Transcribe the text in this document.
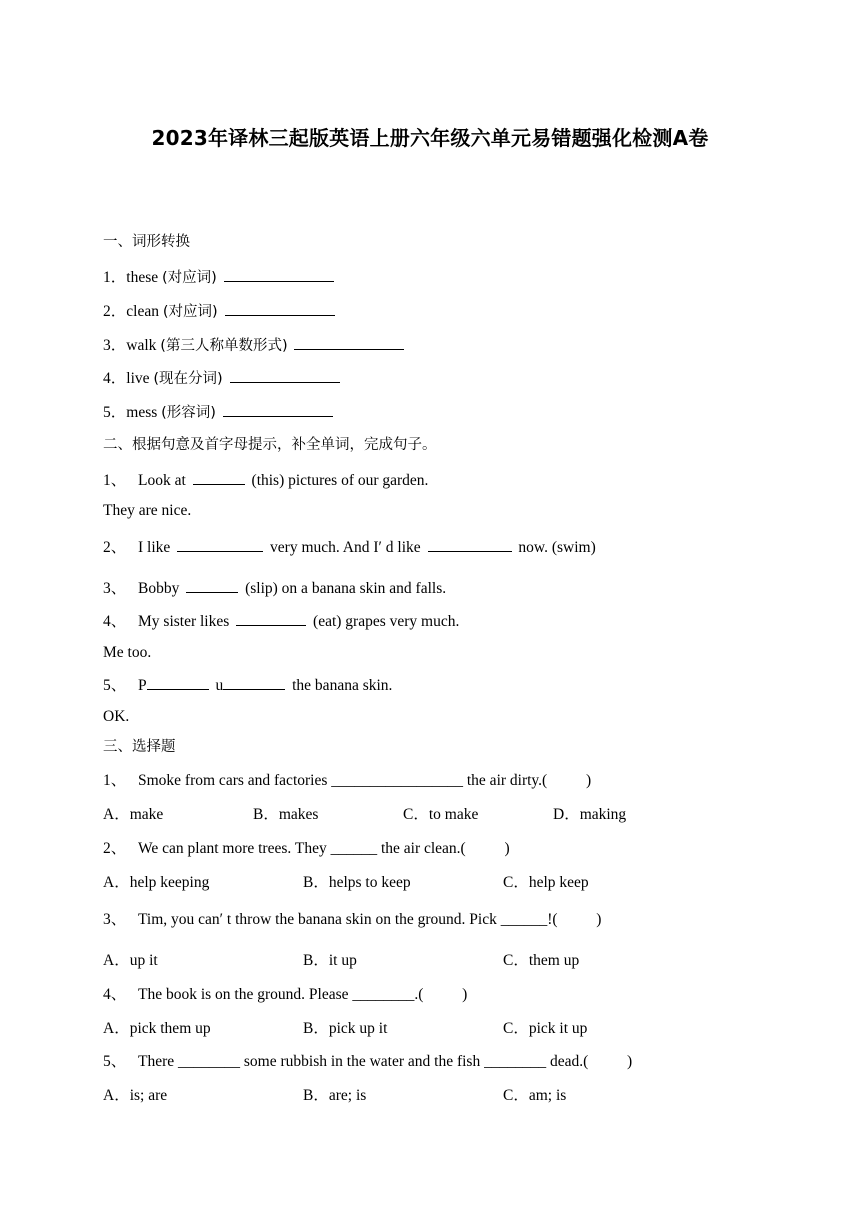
2023年译林三起版英语上册六年级六单元易错题强化检测A卷
一、词形转换
1．these (对应词)
2．clean (对应词)
3．walk (第三人称单数形式)
4．live (现在分词)
5．mess (形容词)
二、根据句意及首字母提示，补全单词，完成句子。
1、 Look at	(this) pictures of our garden.
They are nice.
2、 I like	very much. And I′ d like	now. (swim)
3、 Bobby	(slip) on a banana skin and falls.
4、 My sister likes	(eat) grapes very much.
Me too.
5、 P	u	the banana skin.
OK.
三、选择题
1、 Smoke from cars and factories _________________ the air dirty.(          )
A．make	B．makes	C．to make	D．making
2、 We can plant more trees. They ______ the air clean.(          )
A．help keeping	B．helps to keep	C．help keep
3、 Tim, you can′ t throw the banana skin on the ground. Pick ______!(          )
A．up it	B．it up	C．them up
4、 The book is on the ground. Please ________.(          )
A．pick them up	B．pick up it	C．pick it up
5、 There ________ some rubbish in the water and the fish ________ dead.(          )
A．is; are	B．are; is	C．am; is
